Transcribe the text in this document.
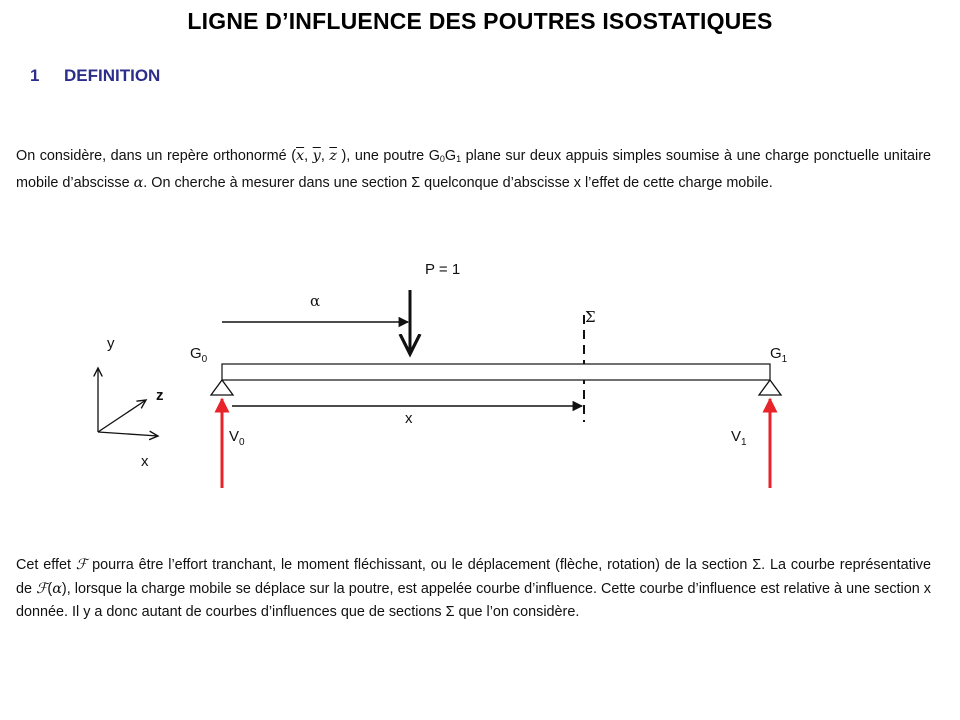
LIGNE D’INFLUENCE DES POUTRES ISOSTATIQUES
1 DEFINITION
On considère, dans un repère orthonormé ($\overline{x}$, $\overline{y}$, $\overline{z}$ ), une poutre $G_0G_1$ plane sur deux appuis simples soumise à une charge ponctuelle unitaire mobile d’abscisse α. On cherche à mesurer dans une section Σ quelconque d’abscisse x l’effet de cette charge mobile.
P = 1
α
Σ
$G_0$	$G_1$
x
$V_0$	$V_1$
y
z
x
Cet effet ℱ pourra être l’effort tranchant, le moment fléchissant, ou le déplacement (flèche, rotation) de la section Σ. La courbe représentative de ℱ(α), lorsque la charge mobile se déplace sur la poutre, est appelée courbe d’influence. Cette courbe d’influence est relative à une section x donnée. Il y a donc autant de courbes d’influences que de sections Σ que l’on considère.
